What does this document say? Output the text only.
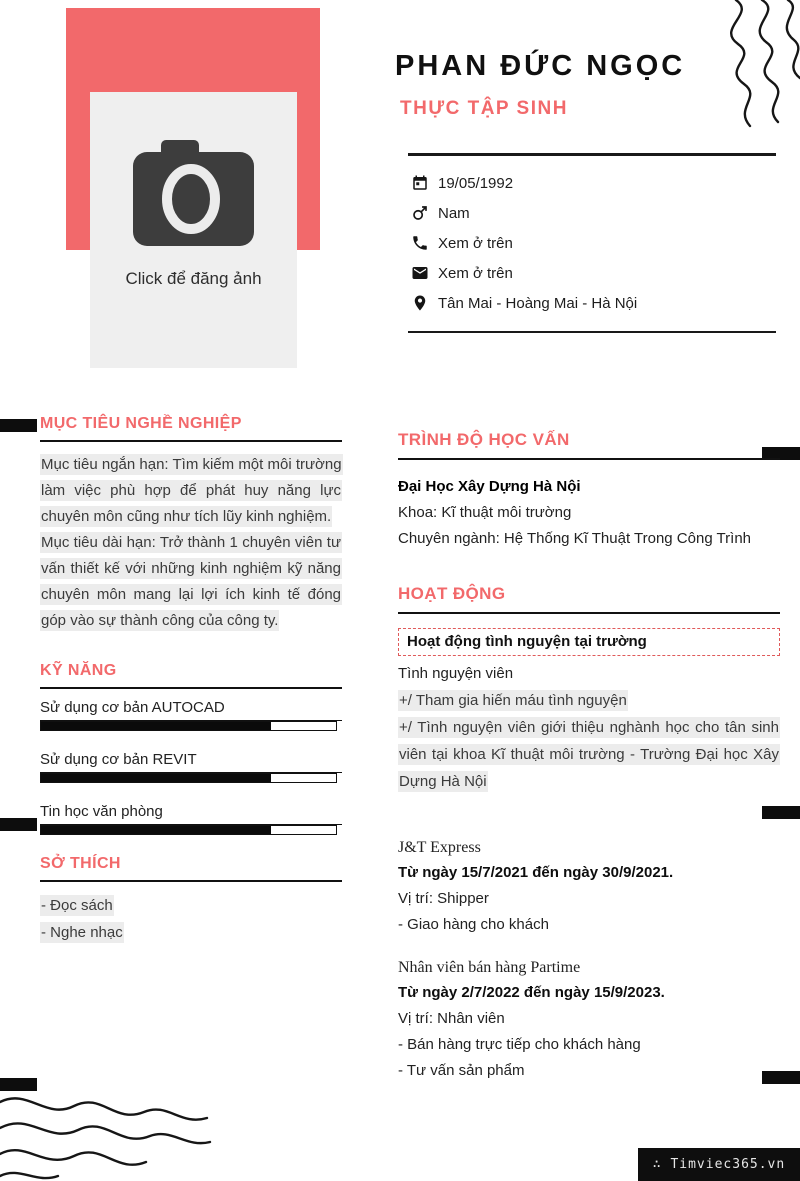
Click để đăng ảnh
PHAN ĐỨC NGỌC
THỰC TẬP SINH
19/05/1992
Nam
Xem ở trên
Xem ở trên
Tân Mai - Hoàng Mai - Hà Nội
MỤC TIÊU NGHỀ NGHIỆP

Mục tiêu ngắn hạn: Tìm kiếm một môi trường làm việc phù hợp để phát huy năng lực chuyên môn cũng như tích lũy kinh nghiệm.

Mục tiêu dài hạn: Trở thành 1 chuyên viên tư vấn thiết kế với những kinh nghiệm kỹ năng chuyên môn mang lại lợi ích kinh tế đóng góp vào sự thành công của công ty.

KỸ NĂNG
Sử dụng cơ bản AUTOCAD
Sử dụng cơ bản REVIT
Tin học văn phòng
SỞ THÍCH
- Đọc sách
- Nghe nhạc
TRÌNH ĐỘ HỌC VẤN

Đại Học Xây Dựng Hà Nội

Khoa: Kĩ thuật môi trường

Chuyên ngành: Hệ Thống Kĩ Thuật Trong Công Trình

HOẠT ĐỘNG
Hoạt động tình nguyện tại trường
Tình nguyện viên

+/ Tham gia hiến máu tình nguyện

+/ Tình nguyện viên giới thiệu nghành học cho tân sinh viên tại khoa Kĩ thuật môi trường - Trường Đại học Xây Dựng Hà Nội

J&T Express
Từ ngày 15/7/2021 đến ngày 30/9/2021.
Vị trí: Shipper
- Giao hàng cho khách
Nhân viên bán hàng Partime
Từ ngày 2/7/2022 đến ngày 15/9/2023.
Vị trí: Nhân viên
- Bán hàng trực tiếp cho khách hàng
- Tư vấn sản phẩm
∴ Timviec365.vn
